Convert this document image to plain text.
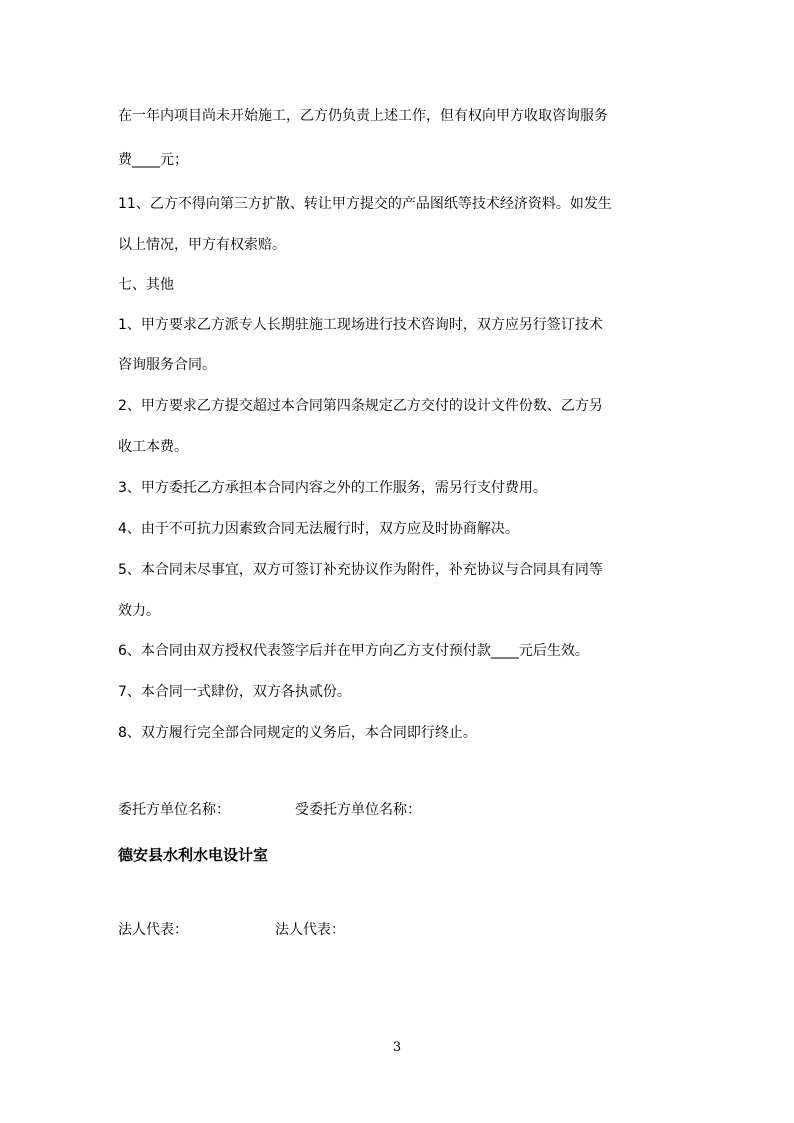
在一年内项目尚未开始施工，乙方仍负责上述工作，但有权向甲方收取咨询服务
费____元；
11、乙方不得向第三方扩散、转让甲方提交的产品图纸等技术经济资料。如发生
以上情况，甲方有权索赔。
七、其他
1、甲方要求乙方派专人长期驻施工现场进行技术咨询时，双方应另行签订技术
咨询服务合同。
2、甲方要求乙方提交超过本合同第四条规定乙方交付的设计文件份数、乙方另
收工本费。
3、甲方委托乙方承担本合同内容之外的工作服务，需另行支付费用。
4、由于不可抗力因素致合同无法履行时，双方应及时协商解决。
5、本合同未尽事宜，双方可签订补充协议作为附件，补充协议与合同具有同等
效力。
6、本合同由双方授权代表签字后并在甲方向乙方支付预付款____元后生效。
7、本合同一式肆份，双方各执贰份。
8、双方履行完全部合同规定的义务后，本合同即行终止。
委托方单位名称：	受委托方单位名称：
德安县水利水电设计室
法人代表：	法人代表：
3
